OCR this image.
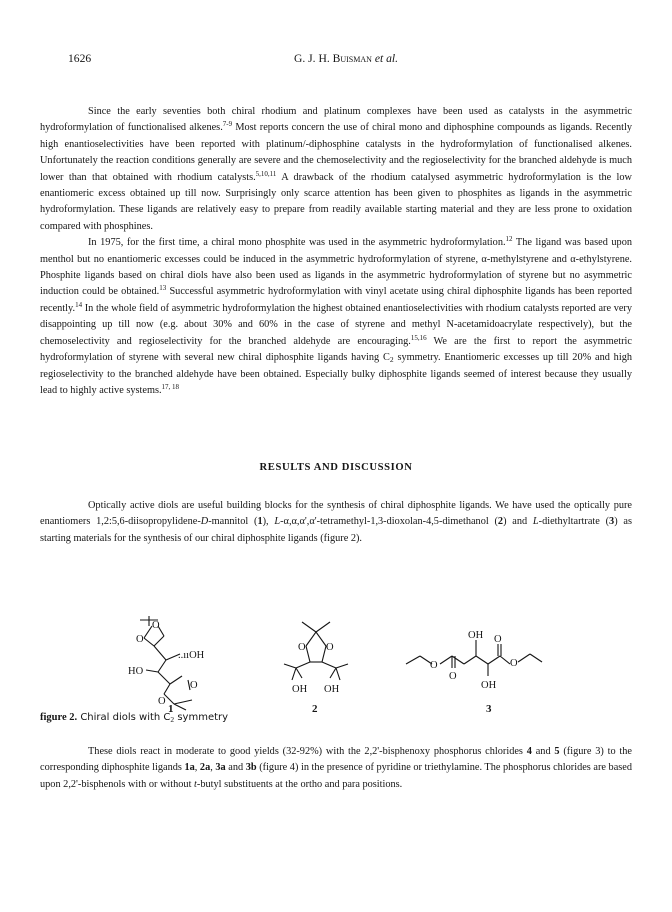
1626	G. J. H. Buisman et al.

Since the early seventies both chiral rhodium and platinum complexes have been used as catalysts in the asymmetric hydroformylation of functionalised alkenes.$^{7-9}$ Most reports concern the use of chiral mono and diphosphine compounds as ligands. Recently high enantioselectivities have been reported with platinum/-diphosphine catalysts in the hydroformylation of functionalised alkenes. Unfortunately the reaction conditions generally are severe and the chemoselectivity and the regioselectivity for the branched aldehyde is much lower than that obtained with rhodium catalysts.$^{5,10,11}$ A drawback of the rhodium catalysed asymmetric hydroformylation is the low enantiomeric excess obtained up till now. Surprisingly only scarce attention has been given to phosphites as ligands in the asymmetric hydroformylation. These ligands are relatively easy to prepare from readily available starting material and they are less prone to oxidation compared with phosphines.

In 1975, for the first time, a chiral mono phosphite was used in the asymmetric hydroformylation.$^{12}$ The ligand was based upon menthol but no enantiomeric excesses could be induced in the asymmetric hydroformylation of styrene, α-methylstyrene and α-ethylstyrene. Phosphite ligands based on chiral diols have also been used as ligands in the asymmetric hydroformylation of styrene but no asymmetric induction could be obtained.$^{13}$ Successful asymmetric hydroformylation with vinyl acetate using chiral diphosphite ligands has been reported recently.$^{14}$ In the whole field of asymmetric hydroformylation the highest obtained enantioselectivities with rhodium catalysts reported are very disappointing up till now (e.g. about 30% and 60% in the case of styrene and methyl N-acetamidoacrylate respectively), but the chemoselectivity and regioselectivity for the branched aldehyde are encouraging.$^{15,16}$ We are the first to report the asymmetric hydroformylation of styrene with several new chiral diphosphite ligands having $C_2$ symmetry. Enantiomeric excesses up till 20% and high regioselectivity to the branched aldehyde have been obtained. Especially bulky diphosphite ligands seemed of interest because they usually lead to highly active systems.$^{17, 18}$

RESULTS AND DISCUSSION

Optically active diols are useful building blocks for the synthesis of chiral diphosphite ligands. We have used the optically pure enantiomers 1,2:5,6-diisopropylidene-D-mannitol (1), L-α,α,α',α'-tetramethyl-1,3-dioxolan-4,5-dimethanol (2) and L-diethyltartrate (3) as starting materials for the synthesis of our chiral diphosphite ligands (figure 2).

O
O
..ııOH
HO
O
O
O O
OH OH
O
O
OH
OH
O
O
1	2	3
figure 2. Chiral diols with $C_2$ symmetry

These diols react in moderate to good yields (32-92%) with the 2,2'-bisphenoxy phosphorus chlorides 4 and 5 (figure 3) to the corresponding diphosphite ligands 1a, 2a, 3a and 3b (figure 4) in the presence of pyridine or triethylamine. The phosphorus chlorides are based upon 2,2'-bisphenols with or without t-butyl substituents at the ortho and para positions.
